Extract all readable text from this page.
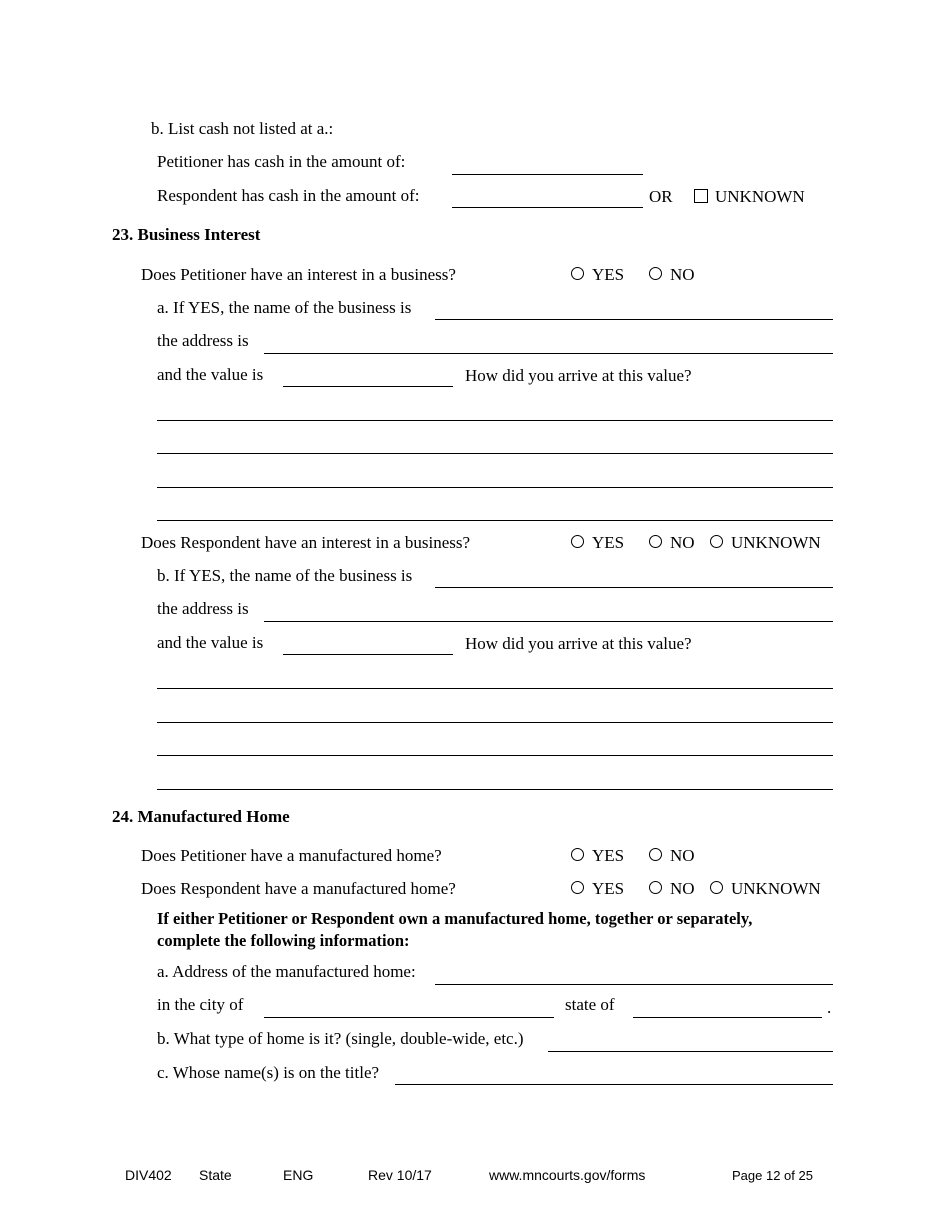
b. List cash not listed at a.:
Petitioner has cash in the amount of:
Respondent has cash in the amount of:	OR UNKNOWN
23. Business Interest
Does Petitioner have an interest in a business?	YES	NO
a. If YES, the name of the business is
the address is
and the value is	How did you arrive at this value?
Does Respondent have an interest in a business?	YES	NO UNKNOWN
b. If YES, the name of the business is
the address is
and the value is	How did you arrive at this value?
24. Manufactured Home
Does Petitioner have a manufactured home?	YES	NO
Does Respondent have a manufactured home?	YES	NO UNKNOWN
If either Petitioner or Respondent own a manufactured home, together or separately,
complete the following information:
a. Address of the manufactured home:
in the city of	state of	.
b. What type of home is it? (single, double-wide, etc.)
c. Whose name(s) is on the title?
DIV402 State	ENG	Rev 10/17	www.mncourts.gov/forms	Page 12 of 25
